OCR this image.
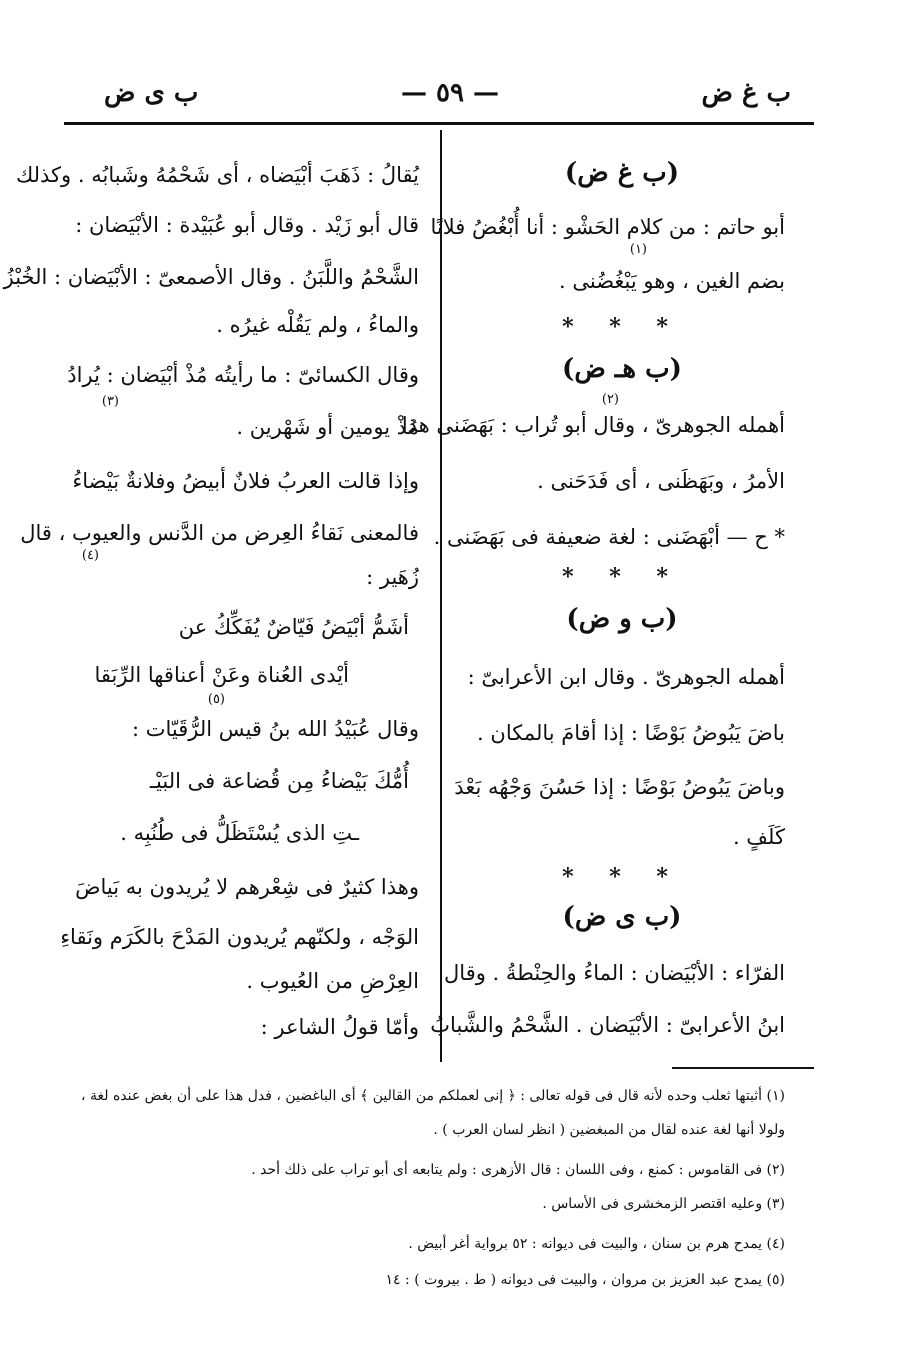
ب غ ض
— ٥٩ —
ب ى ض
(ب غ ض)
أبو حاتم : من كلام الحَشْو : أنا أُبْغُضُ فلانًا
(١)
بضم الغين ، وهو يَبْغُضُنى .
* * *
(ب هـ ض)
(٢)
أهمله الجوهرىّ ، وقال أبو تُراب : بَهَضَنى هذا
الأمرُ ، وبَهَظَنى ، أى فَدَحَنى .
* ح — أبْهَضَنى : لغة ضعيفة فى بَهَضَنى .
* * *
(ب و ض)
أهمله الجوهرىّ . وقال ابن الأعرابىّ :
باضَ يَبُوضُ بَوْضًا : إذا أقامَ بالمكان .
وباضَ يَبُوضُ بَوْضًا : إذا حَسُنَ وَجْهُه بَعْدَ
كَلَفٍ .
* * *
(ب ى ض)
الفرّاء : الأبْيَضان : الماءُ والحِنْطةُ . وقال
ابنُ الأعرابىّ : الأبْيَضان . الشَّحْمُ والشَّبابُ
يُقالُ : ذَهَبَ أبْيَضاه ، أى شَحْمُهُ وشَبابُه . وكذلك
قال أبو زَيْد . وقال أبو عُبَيْدة : الأبْيَضان :
الشَّحْمُ واللَّبَنُ . وقال الأصمعىّ : الأبْيَضان : الخُبْزُ
والماءُ ، ولم يَقُلْه غيرُه .
وقال الكسائىّ : ما رأيتُه مُذْ أبْيَضان : يُرادُ
(٣)
مُذْ يومين أو شَهْرين .
وإذا قالت العربُ فلانٌ أبيضُ وفلانةٌ بَيْضاءُ
فالمعنى نَقاءُ العِرض من الدَّنس والعيوب ، قال
(٤)
زُهَير :
أشَمُّ أبْيَضُ فَيّاضٌ يُفَكِّكُ عن
أيْدى العُناة وعَنْ أعناقها الرِّبَقا
(٥)
وقال عُبَيْدُ الله بنُ قيس الرُّقَيّات :
أُمُّكَ بَيْضاءُ مِن قُضاعة فى البَيْـ
ـتِ الذى يُسْتَظَلُّ فى طُنُبِه .
وهذا كثيرٌ فى شِعْرهم لا يُريدون به بَياضَ
الوَجْه ، ولكنّهم يُريدون المَدْحَ بالكَرَم ونَقاءِ
العِرْضِ من العُيوب .
وأمّا قولُ الشاعر :
(١) أثبتها ثعلب وحده لأنه قال فى قوله تعالى : ﴿ إنى لعملكم من القالين ﴾ أى الباغضين ، فدل هذا على أن بغض عنده لغة ،
ولولا أنها لغة عنده لقال من المبغضين ( انظر لسان العرب ) .
(٢) فى القاموس : كمنع ، وفى اللسان : قال الأزهرى : ولم يتابعه أى أبو تراب على ذلك أحد .
(٣) وعليه اقتصر الزمخشرى فى الأساس .
(٤) يمدح هرم بن سنان ، والبيت فى ديوانه : ٥٢ برواية أغر أبيض .
(٥) يمدح عبد العزيز بن مروان ، والبيت فى ديوانه ( ط . بيروت ) : ١٤
